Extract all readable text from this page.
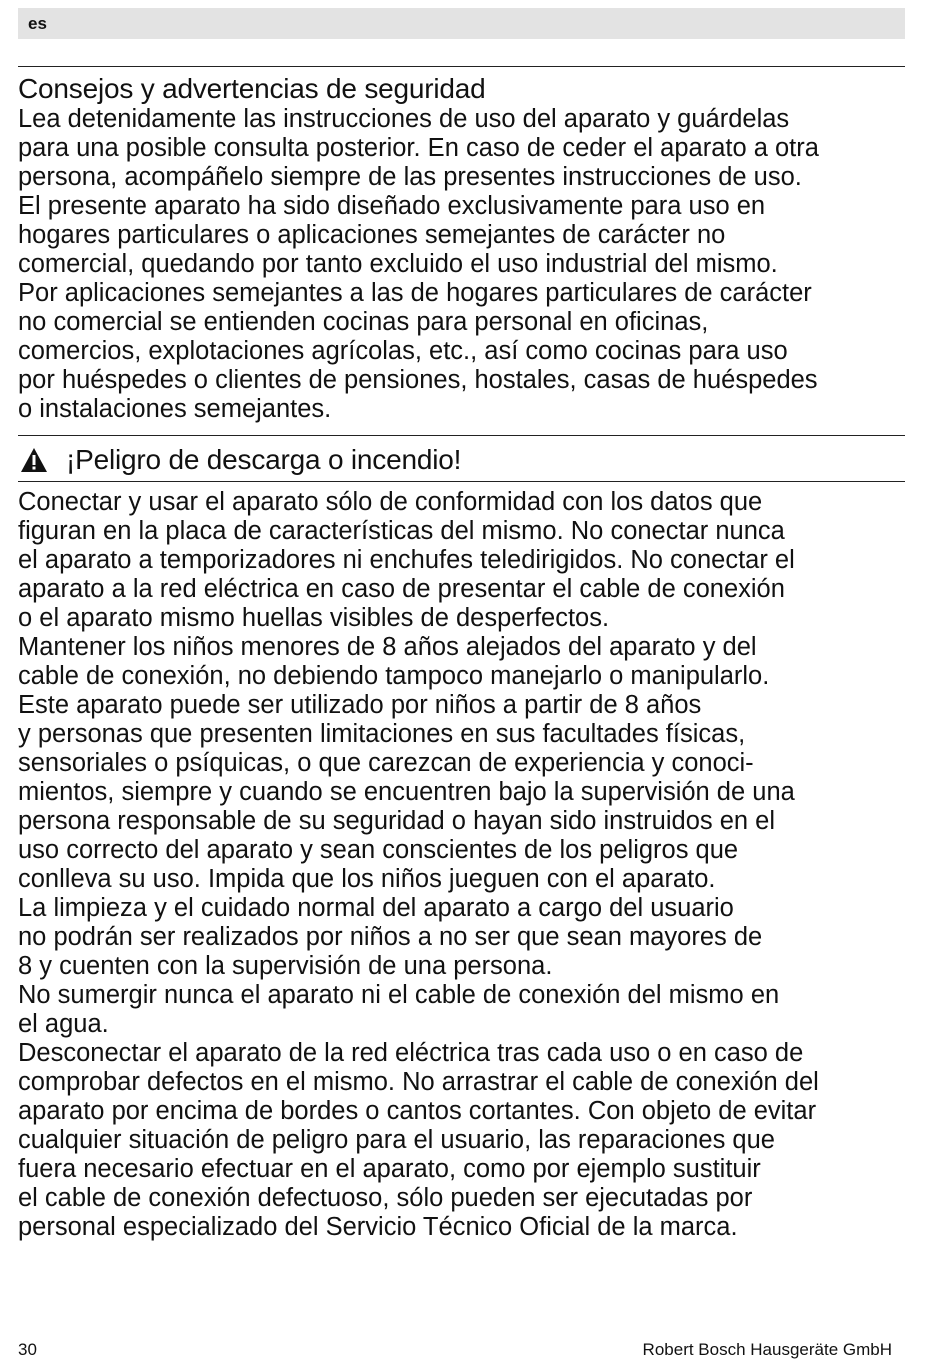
es
Consejos y advertencias de seguridad

Lea detenidamente las instrucciones de uso del aparato y guárdelas
para una posible consulta posterior. En caso de ceder el aparato a otra
persona, acompáñelo siempre de las presentes instrucciones de uso.

El presente aparato ha sido diseñado exclusivamente para uso en
hogares particulares o aplicaciones semejantes de carácter no
comercial, quedando por tanto excluido el uso industrial del mismo.
Por aplicaciones semejantes a las de hogares particulares de carácter
no comercial se entienden cocinas para personal en oficinas,
comercios, explotaciones agrícolas, etc., así como cocinas para uso
por huéspedes o clientes de pensiones, hostales, casas de huéspedes
o instalaciones semejantes.

¡Peligro de descarga o incendio!

Conectar y usar el aparato sólo de conformidad con los datos que
figuran en la placa de características del mismo. No conectar nunca
el aparato a temporizadores ni enchufes teledirigidos. No conectar el
aparato a la red eléctrica en caso de presentar el cable de conexión
o el aparato mismo huellas visibles de desperfectos.

Mantener los niños menores de 8 años alejados del aparato y del
cable de conexión, no debiendo tampoco manejarlo o manipularlo.

Este aparato puede ser utilizado por niños a partir de 8 años
y personas que presenten limitaciones en sus facultades físicas,
sensoriales o psíquicas, o que carezcan de experiencia y conoci-
mientos, siempre y cuando se encuentren bajo la supervisión de una
persona responsable de su seguridad o hayan sido instruidos en el
uso correcto del aparato y sean conscientes de los peligros que
conlleva su uso. Impida que los niños jueguen con el aparato.

La limpieza y el cuidado normal del aparato a cargo del usuario
no podrán ser realizados por niños a no ser que sean mayores de
8 y cuenten con la supervisión de una persona.

No sumergir nunca el aparato ni el cable de conexión del mismo en
el agua.

Desconectar el aparato de la red eléctrica tras cada uso o en caso de
comprobar defectos en el mismo. No arrastrar el cable de conexión del
aparato por encima de bordes o cantos cortantes. Con objeto de evitar
cualquier situación de peligro para el usuario, las reparaciones que
fuera necesario efectuar en el aparato, como por ejemplo sustituir
el cable de conexión defectuoso, sólo pueden ser ejecutadas por
personal especializado del Servicio Técnico Oficial de la marca.

30	Robert Bosch Hausgeräte GmbH
